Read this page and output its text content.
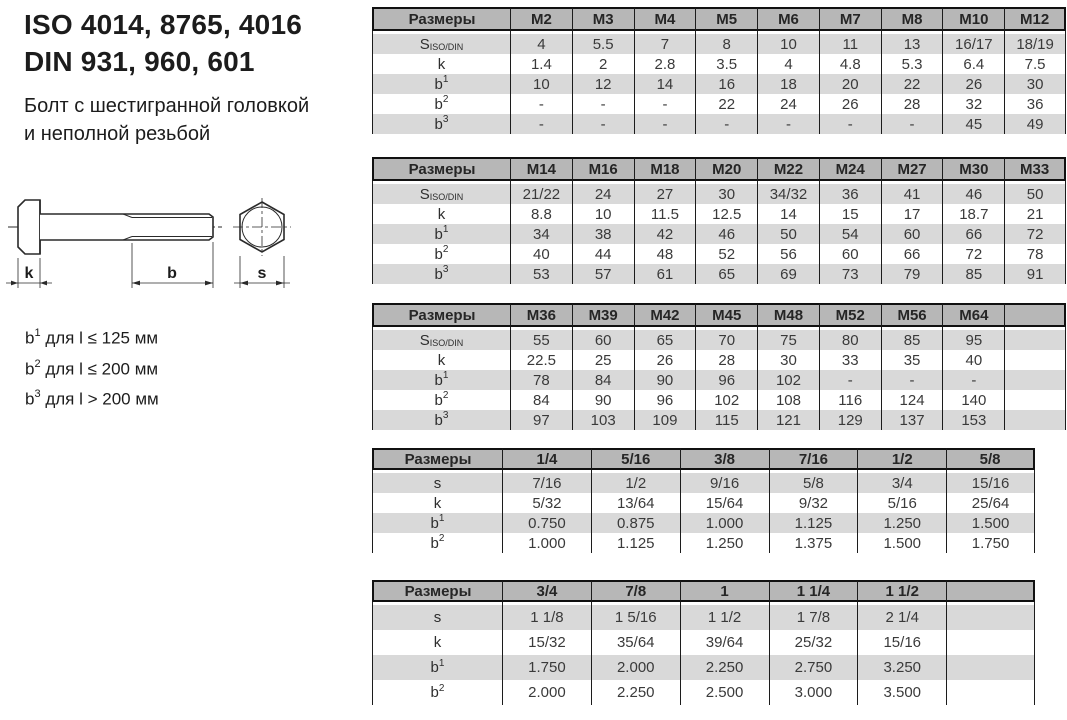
ISO 4014, 8765, 4016
DIN 931, 960, 601
Болт с шестигранной головкой
и неполной резьбой
k	b	s
$b^1$ для l ≤ 125 мм
$b^2$ для l ≤ 200 мм
$b^3$ для l > 200 мм
Размеры	M2	M3	M4	M5	M6	M7	M8	M10	M12
$S_{ISO/DIN}$	4	5.5	7	8	10	11	13	16/17	18/19
k	1.4	2	2.8	3.5	4	4.8	5.3	6.4	7.5
$b^1$	10	12	14	16	18	20	22	26	30
$b^2$	-	-	-	22	24	26	28	32	36
$b^3$	-	-	-	-	-	-	-	45	49
Размеры	M14	M16	M18	M20	M22	M24	M27	M30	M33
$S_{ISO/DIN}$	21/22	24	27	30	34/32	36	41	46	50
k	8.8	10	11.5	12.5	14	15	17	18.7	21
$b^1$	34	38	42	46	50	54	60	66	72
$b^2$	40	44	48	52	56	60	66	72	78
$b^3$	53	57	61	65	69	73	79	85	91
Размеры	M36	M39	M42	M45	M48	M52	M56	M64
$S_{ISO/DIN}$	55	60	65	70	75	80	85	95
k	22.5	25	26	28	30	33	35	40
$b^1$	78	84	90	96	102	-	-	-
$b^2$	84	90	96	102	108	116	124	140
$b^3$	97	103	109	115	121	129	137	153
Размеры	1/4	5/16	3/8	7/16	1/2	5/8
s	7/16	1/2	9/16	5/8	3/4	15/16
k	5/32	13/64	15/64	9/32	5/16	25/64
$b^1$	0.750	0.875	1.000	1.125	1.250	1.500
$b^2$	1.000	1.125	1.250	1.375	1.500	1.750
Размеры	3/4	7/8	1	1 1/4	1 1/2
s	1 1/8	1 5/16	1 1/2	1 7/8	2 1/4
k	15/32	35/64	39/64	25/32	15/16
$b^1$	1.750	2.000	2.250	2.750	3.250
$b^2$	2.000	2.250	2.500	3.000	3.500
